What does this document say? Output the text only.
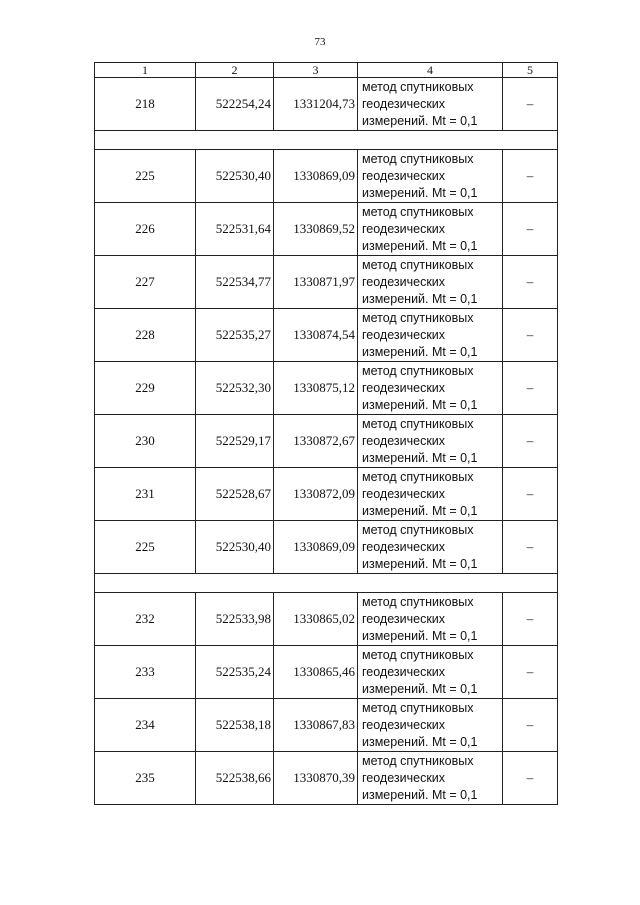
73
1	2	3	4	5
218	522254,24	1331204,73	метод спутниковых
геодезических
измерений. Mt = 0,1	–

225	522530,40	1330869,09	метод спутниковых
геодезических
измерений. Mt = 0,1	–
226	522531,64	1330869,52	метод спутниковых
геодезических
измерений. Mt = 0,1	–
227	522534,77	1330871,97	метод спутниковых
геодезических
измерений. Mt = 0,1	–
228	522535,27	1330874,54	метод спутниковых
геодезических
измерений. Mt = 0,1	–
229	522532,30	1330875,12	метод спутниковых
геодезических
измерений. Mt = 0,1	–
230	522529,17	1330872,67	метод спутниковых
геодезических
измерений. Mt = 0,1	–
231	522528,67	1330872,09	метод спутниковых
геодезических
измерений. Mt = 0,1	–
225	522530,40	1330869,09	метод спутниковых
геодезических
измерений. Mt = 0,1	–

232	522533,98	1330865,02	метод спутниковых
геодезических
измерений. Mt = 0,1	–
233	522535,24	1330865,46	метод спутниковых
геодезических
измерений. Mt = 0,1	–
234	522538,18	1330867,83	метод спутниковых
геодезических
измерений. Mt = 0,1	–
235	522538,66	1330870,39	метод спутниковых
геодезических
измерений. Mt = 0,1	–
